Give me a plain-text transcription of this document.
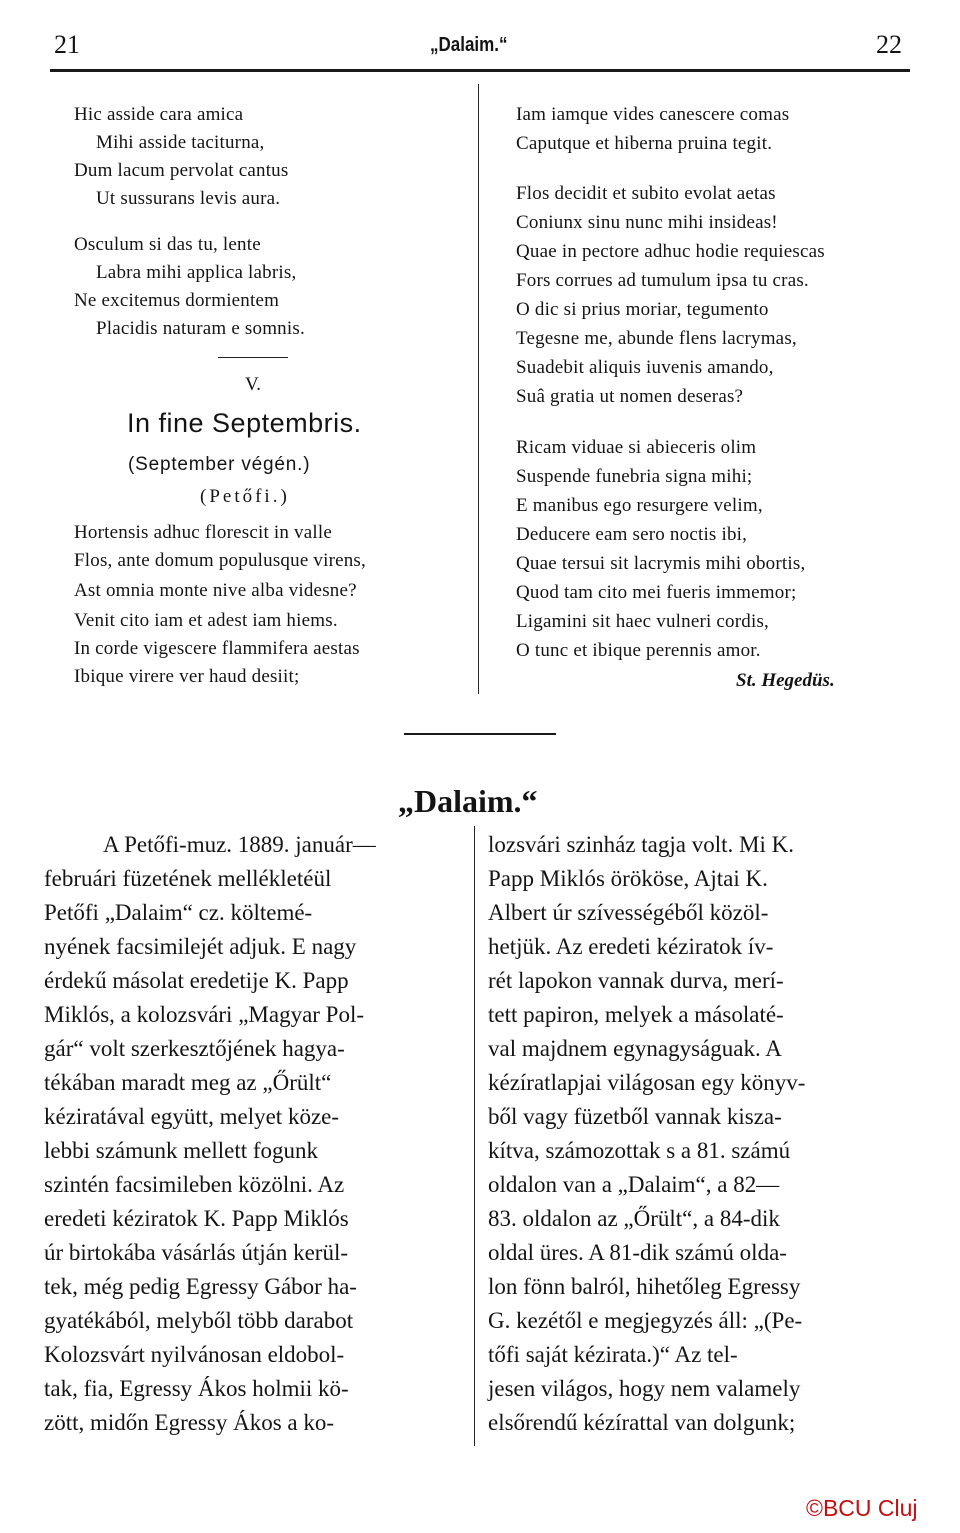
21	„Dalaim.“	22
Hic asside cara amica
Mihi asside taciturna,
Dum lacum pervolat cantus
Ut sussurans levis aura.
Osculum si das tu, lente
Labra mihi applica labris,
Ne excitemus dormientem
Placidis naturam e somnis.
V.
In fine Septembris.
(September végén.)
(Petőfi.)
Hortensis adhuc florescit in valle
Flos, ante domum populusque virens,
Ast omnia monte nive alba videsne?
Venit cito iam et adest iam hiems.
In corde vigescere flammifera aestas
Ibique virere ver haud desiit;
Iam iamque vides canescere comas
Caputque et hiberna pruina tegit.
Flos decidit et subito evolat aetas
Coniunx sinu nunc mihi insideas!
Quae in pectore adhuc hodie requiescas
Fors corrues ad tumulum ipsa tu cras.
O dic si prius moriar, tegumento
Tegesne me, abunde flens lacrymas,
Suadebit aliquis iuvenis amando,
Suâ gratia ut nomen deseras?
Ricam viduae si abieceris olim
Suspende funebria signa mihi;
E manibus ego resurgere velim,
Deducere eam sero noctis ibi,
Quae tersui sit lacrymis mihi obortis,
Quod tam cito mei fueris immemor;
Ligamini sit haec vulneri cordis,
O tunc et ibique perennis amor.
St. Hegedüs.
„Dalaim.“
A Petőfi-muz. 1889. január—
februári füzetének mellékletéül
Petőfi „Dalaim“ cz. költemé-
nyének facsimilejét adjuk. E nagy
érdekű másolat eredetije K. Papp
Miklós, a kolozsvári „Magyar Pol-
gár“ volt szerkesztőjének hagya-
tékában maradt meg az „Őrült“
kéziratával együtt, melyet köze-
lebbi számunk mellett fogunk
szintén facsimileben közölni. Az
eredeti kéziratok K. Papp Miklós
úr birtokába vásárlás útján kerül-
tek, még pedig Egressy Gábor ha-
gyatékából, melyből több darabot
Kolozsvárt nyilvánosan eldobol-
tak, fia, Egressy Ákos holmii kö-
zött, midőn Egressy Ákos a ko-
lozsvári szinház tagja volt. Mi K.
Papp Miklós örököse, Ajtai K.
Albert úr szívességéből közöl-
hetjük. Az eredeti kéziratok ív-
rét lapokon vannak durva, merí-
tett papiron, melyek a másolaté-
val majdnem egynagyságuak. A
kézíratlapjai világosan egy könyv-
ből vagy füzetből vannak kisza-
kítva, számozottak s a 81. számú
oldalon van a „Dalaim“, a 82—
83. oldalon az „Őrült“, a 84-dik
oldal üres. A 81-dik számú olda-
lon fönn balról, hihetőleg Egressy
G. kezétől e megjegyzés áll: „(Pe-
tőfi saját kézirata.)“ Az tel-
jesen világos, hogy nem valamely
elsőrendű kézírattal van dolgunk;
©BCU Cluj
